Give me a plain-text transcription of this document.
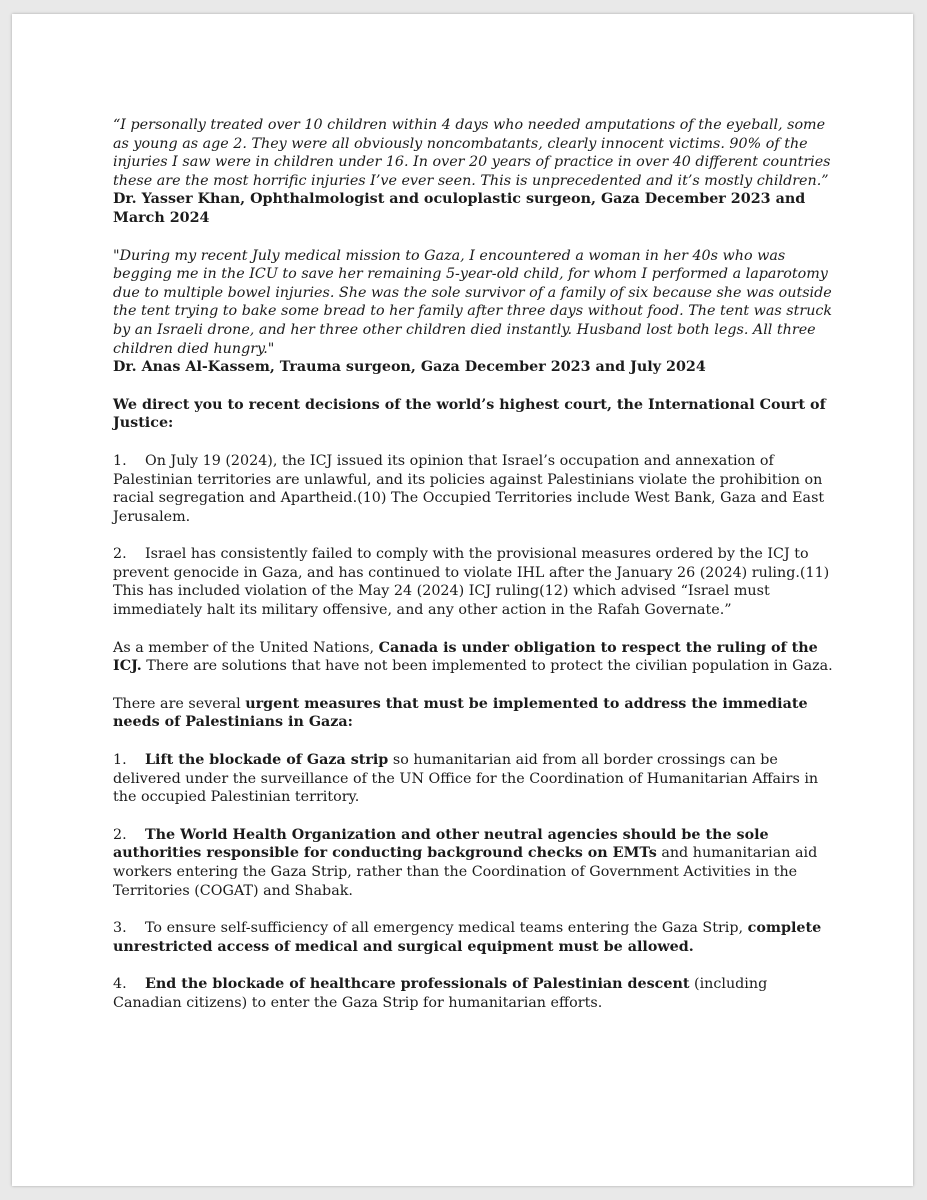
“I personally treated over 10 children within 4 days who needed amputations of the eyeball, some as young as age 2. They were all obviously noncombatants, clearly innocent victims. 90% of the injuries I saw were in children under 16. In over 20 years of practice in over 40 different countries these are the most horrific injuries I’ve ever seen. This is unprecedented and it’s mostly children.”

Dr. Yasser Khan, Ophthalmologist and oculoplastic surgeon, Gaza December 2023 and March 2024

"During my recent July medical mission to Gaza, I encountered a woman in her 40s who was begging me in the ICU to save her remaining 5-year-old child, for whom I performed a laparotomy due to multiple bowel injuries. She was the sole survivor of a family of six because she was outside the tent trying to bake some bread to her family after three days without food. The tent was struck by an Israeli drone, and her three other children died instantly. Husband lost both legs. All three children died hungry."

Dr. Anas Al-Kassem, Trauma surgeon, Gaza December 2023 and July 2024

We direct you to recent decisions of the world’s highest court, the International Court of Justice:

1. On July 19 (2024), the ICJ issued its opinion that Israel’s occupation and annexation of Palestinian territories are unlawful, and its policies against Palestinians violate the prohibition on racial segregation and Apartheid.(10) The Occupied Territories include West Bank, Gaza and East Jerusalem.

2. Israel has consistently failed to comply with the provisional measures ordered by the ICJ to prevent genocide in Gaza, and has continued to violate IHL after the January 26 (2024) ruling.(11) This has included violation of the May 24 (2024) ICJ ruling(12) which advised “Israel must immediately halt its military offensive, and any other action in the Rafah Governate.”

As a member of the United Nations, Canada is under obligation to respect the ruling of the ICJ. There are solutions that have not been implemented to protect the civilian population in Gaza.

There are several urgent measures that must be implemented to address the immediate needs of Palestinians in Gaza:

1. Lift the blockade of Gaza strip so humanitarian aid from all border crossings can be delivered under the surveillance of the UN Office for the Coordination of Humanitarian Affairs in the occupied Palestinian territory.

2. The World Health Organization and other neutral agencies should be the sole authorities responsible for conducting background checks on EMTs and humanitarian aid workers entering the Gaza Strip, rather than the Coordination of Government Activities in the Territories (COGAT) and Shabak.

3. To ensure self-sufficiency of all emergency medical teams entering the Gaza Strip, complete unrestricted access of medical and surgical equipment must be allowed.

4. End the blockade of healthcare professionals of Palestinian descent (including Canadian citizens) to enter the Gaza Strip for humanitarian efforts.
